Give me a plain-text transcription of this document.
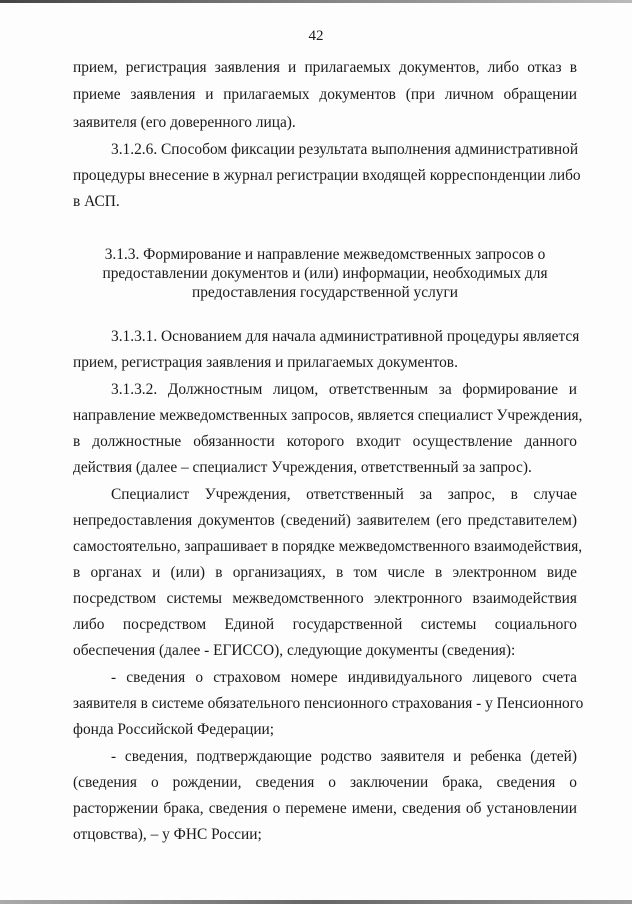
42
прием, регистрация заявления и прилагаемых документов, либо отказ в
приеме заявления и прилагаемых документов (при личном обращении
заявителя (его доверенного лица).
3.1.2.6. Способом фиксации результата выполнения административной
процедуры внесение в журнал регистрации входящей корреспонденции либо
в АСП.
3.1.3. Формирование и направление межведомственных запросов о
предоставлении документов и (или) информации, необходимых для
предоставления государственной услуги
3.1.3.1. Основанием для начала административной процедуры является
прием, регистрация заявления и прилагаемых документов.
3.1.3.2. Должностным лицом, ответственным за формирование и
направление межведомственных запросов, является специалист Учреждения,
в должностные обязанности которого входит осуществление данного
действия (далее – специалист Учреждения, ответственный за запрос).
Специалист Учреждения, ответственный за запрос, в случае
непредоставления документов (сведений) заявителем (его представителем)
самостоятельно, запрашивает в порядке межведомственного взаимодействия,
в органах и (или) в организациях, в том числе в электронном виде
посредством системы межведомственного электронного взаимодействия
либо посредством Единой государственной системы социального
обеспечения (далее - ЕГИССО), следующие документы (сведения):
- сведения о страховом номере индивидуального лицевого счета
заявителя в системе обязательного пенсионного страхования - у Пенсионного
фонда Российской Федерации;
- сведения, подтверждающие родство заявителя и ребенка (детей)
(сведения о рождении, сведения о заключении брака, сведения о
расторжении брака, сведения о перемене имени, сведения об установлении
отцовства), – у ФНС России;
